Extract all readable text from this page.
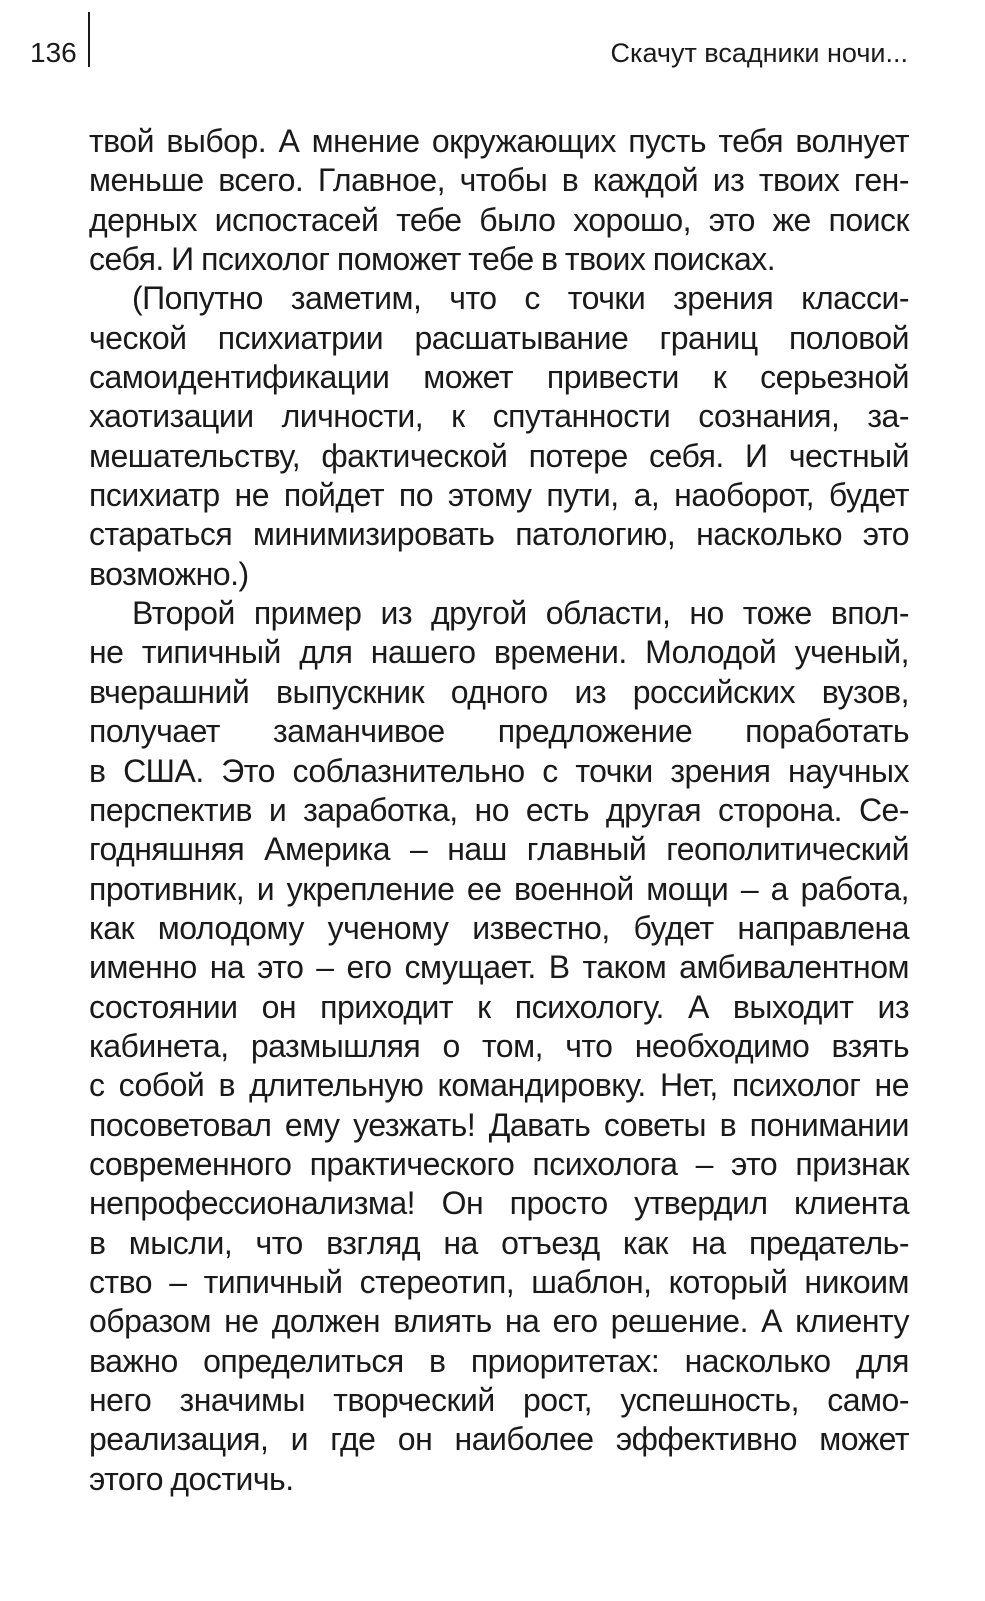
136	Скачут всадники ночи...
твой выбор. А мнение окружающих пусть тебя волнует
меньше всего. Главное, чтобы в каждой из твоих ген-
дерных испостасей тебе было хорошо, это же поиск
себя. И психолог поможет тебе в твоих поисках.
(Попутно заметим, что с точки зрения класси-
ческой психиатрии расшатывание границ половой
самоидентификации может привести к серьезной
хаотизации личности, к спутанности сознания, за-
мешательству, фактической потере себя. И честный
психиатр не пойдет по этому пути, а, наоборот, будет
стараться минимизировать патологию, насколько это
возможно.)
Второй пример из другой области, но тоже впол-
не типичный для нашего времени. Молодой ученый,
вчерашний выпускник одного из российских вузов,
получает заманчивое предложение поработать
в США. Это соблазнительно с точки зрения научных
перспектив и заработка, но есть другая сторона. Се-
годняшняя Америка – наш главный геополитический
противник, и укрепление ее военной мощи – а работа,
как молодому ученому известно, будет направлена
именно на это – его смущает. В таком амбивалентном
состоянии он приходит к психологу. А выходит из
кабинета, размышляя о том, что необходимо взять
с собой в длительную командировку. Нет, психолог не
посоветовал ему уезжать! Давать советы в понимании
современного практического психолога – это признак
непрофессионализма! Он просто утвердил клиента
в мысли, что взгляд на отъезд как на предатель-
ство – типичный стереотип, шаблон, который никоим
образом не должен влиять на его решение. А клиенту
важно определиться в приоритетах: насколько для
него значимы творческий рост, успешность, само-
реализация, и где он наиболее эффективно может
этого достичь.
